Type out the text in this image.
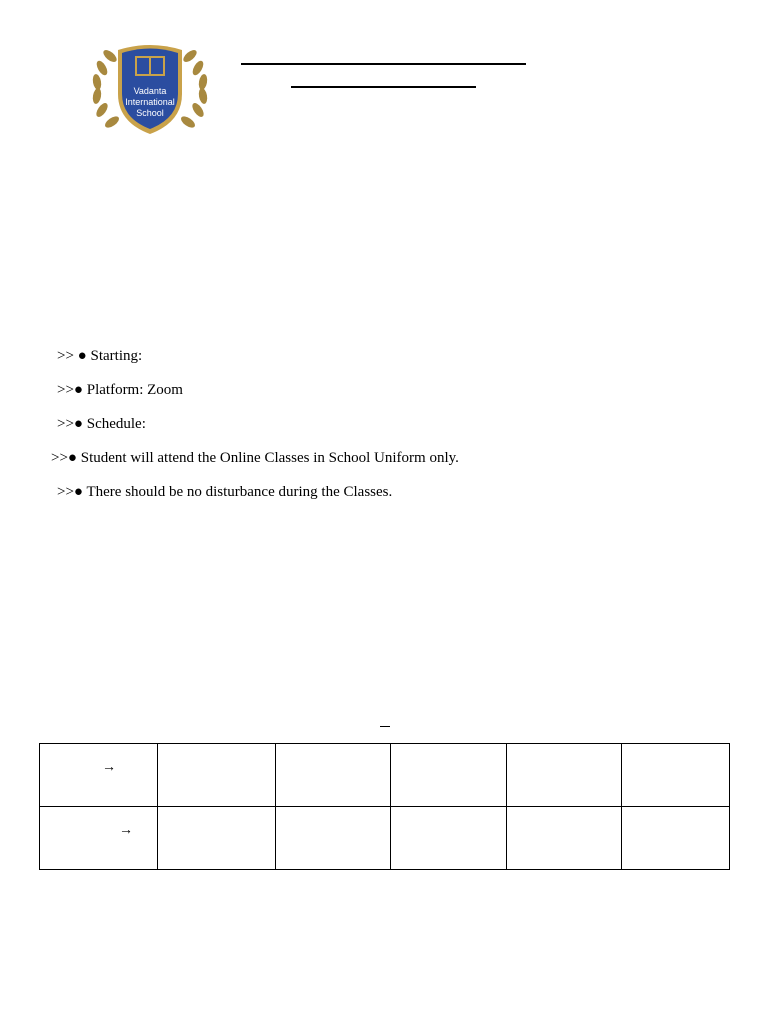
Vadanta
International
School
>> ● Starting:
>>● Platform: Zoom
>>● Schedule:
>>● Student will attend the Online Classes in School Uniform only.
>>● There should be no disturbance during the Classes.
→					

→					
